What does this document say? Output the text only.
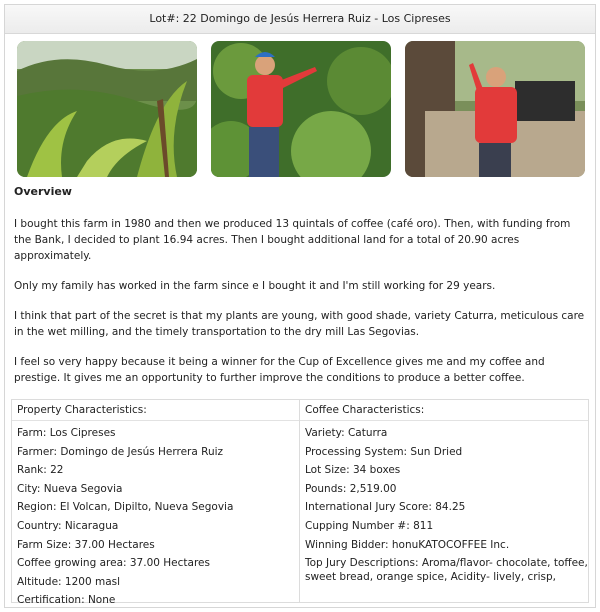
Lot#: 22 Domingo de Jesús Herrera Ruiz - Los Cipreses
Overview

I bought this farm in 1980 and then we produced 13 quintals of coffee (café oro). Then, with funding from the Bank, I decided to plant 16.94 acres. Then I bought additional land for a total of 20.90 acres approximately.

Only my family has worked in the farm since e I bought it and I'm still working for 29 years.

I think that part of the secret is that my plants are young, with good shade, variety Caturra, meticulous care in the wet milling, and the timely transportation to the dry mill Las Segovias.

I feel so very happy because it being a winner for the Cup of Excellence gives me and my coffee and prestige. It gives me an opportunity to further improve the conditions to produce a better coffee.

Property Characteristics:
Farm: Los Cipreses
Farmer: Domingo de Jesús Herrera Ruiz
Rank: 22
City: Nueva Segovia
Region: El Volcan, Dipilto, Nueva Segovia
Country: Nicaragua
Farm Size: 37.00 Hectares
Coffee growing area: 37.00 Hectares
Altitude: 1200 masl
Certification: None
Coffee Characteristics:
Variety: Caturra
Processing System: Sun Dried
Lot Size: 34 boxes
Pounds: 2,519.00
International Jury Score: 84.25
Cupping Number #: 811
Winning Bidder: honuKATOCOFFEE Inc.
Top Jury Descriptions: Aroma/flavor- chocolate, toffee, sweet bread, orange spice, Acidity- lively, crisp,
